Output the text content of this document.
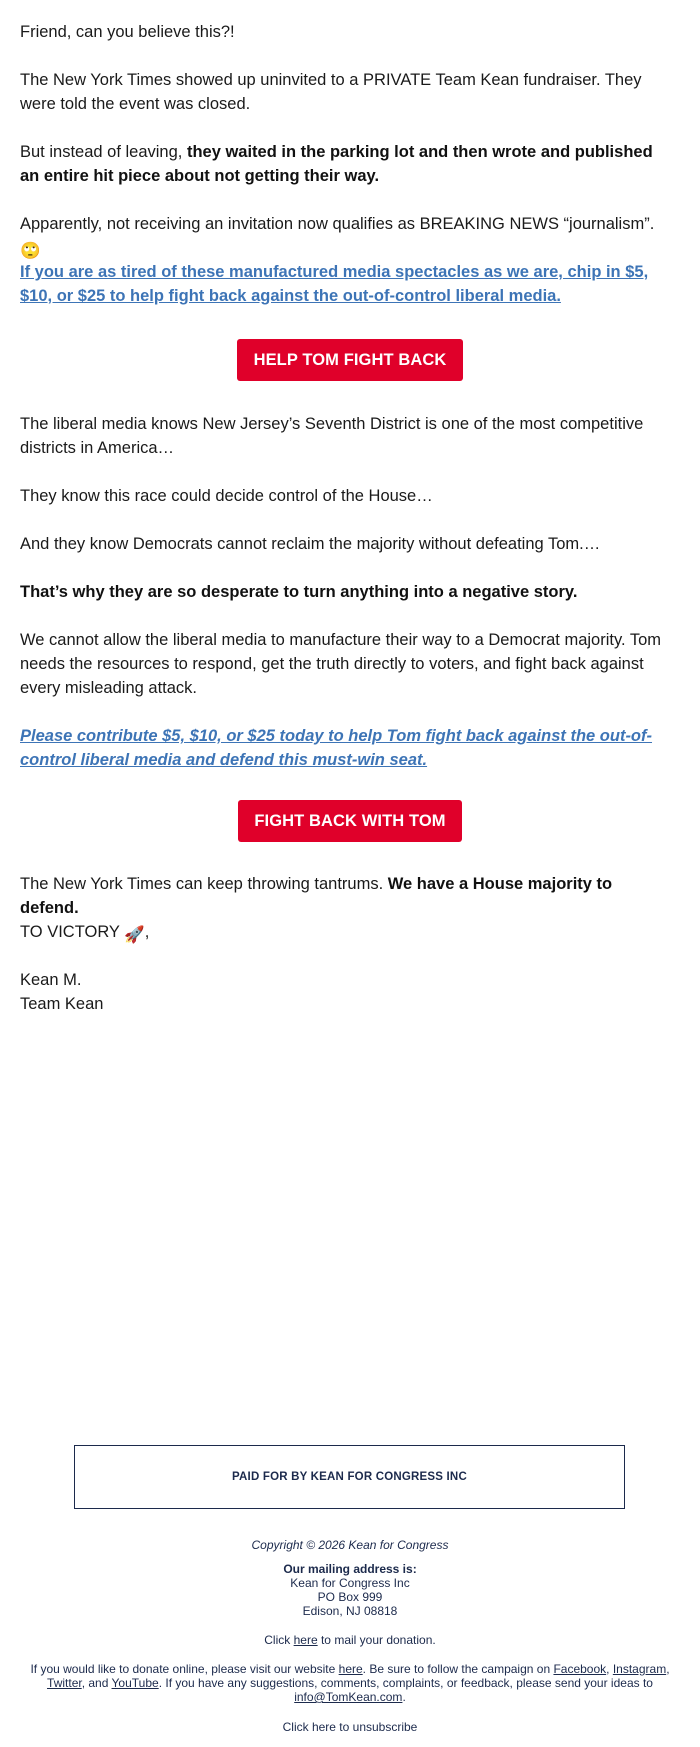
Friend, can you believe this?!

The New York Times showed up uninvited to a PRIVATE Team Kean fundraiser. They were told the event was closed.

But instead of leaving, they waited in the parking lot and then wrote and published an entire hit piece about not getting their way.

Apparently, not receiving an invitation now qualifies as BREAKING NEWS “journalism”. 🙄

If you are as tired of these manufactured media spectacles as we are, chip in $5, $10, or $25 to help fight back against the out-of-control liberal media.

HELP TOM FIGHT BACK

The liberal media knows New Jersey’s Seventh District is one of the most competitive districts in America…

They know this race could decide control of the House…

And they know Democrats cannot reclaim the majority without defeating Tom.…

That’s why they are so desperate to turn anything into a negative story.

We cannot allow the liberal media to manufacture their way to a Democrat majority. Tom needs the resources to respond, get the truth directly to voters, and fight back against every misleading attack.

Please contribute $5, $10, or $25 today to help Tom fight back against the out-of-control liberal media and defend this must-win seat.

FIGHT BACK WITH TOM

The New York Times can keep throwing tantrums. We have a House majority to defend.

TO VICTORY 🚀,

Kean M.

Team Kean

PAID FOR BY KEAN FOR CONGRESS INC
Copyright © 2026 Kean for Congress
Our mailing address is:
Kean for Congress Inc
PO Box 999
Edison, NJ 08818
Click here to mail your donation.
If you would like to donate online, please visit our website here. Be sure to follow the campaign on Facebook, Instagram, Twitter, and YouTube. If you have any suggestions, comments, complaints, or feedback, please send your ideas to info@TomKean.com.
Click here to unsubscribe
